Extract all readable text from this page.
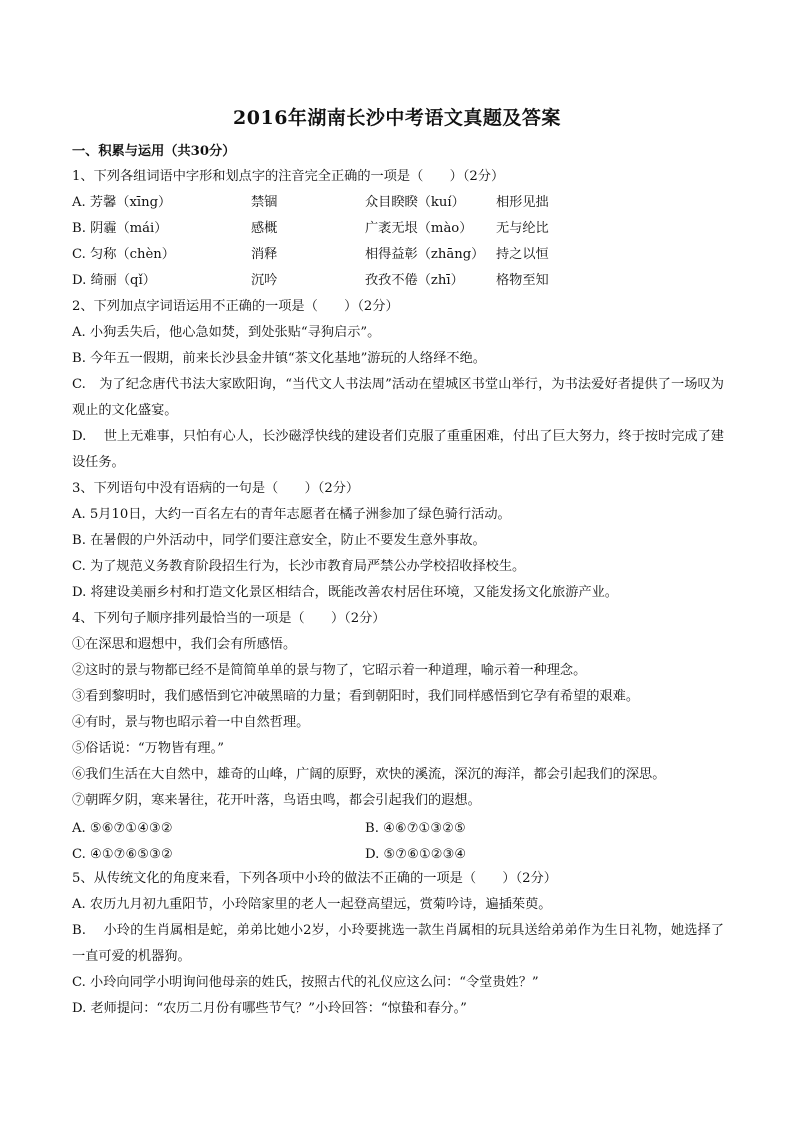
2016年湖南长沙中考语文真题及答案
一、积累与运用（共30分）
1、下列各组词语中字形和划点字的注音完全正确的一项是（　　）（2分）
A. 芳馨（xīng）	禁锢	众目睽睽（kuí） 相形见拙
B. 阴霾（mái）	感概	广袤无垠（mào） 无与纶比
C. 匀称（chèn）	消释	相得益彰（zhāng） 持之以恒
D. 绮丽（qǐ）	沉吟	孜孜不倦（zhī） 格物至知
2、下列加点字词语运用不正确的一项是（　　）（2分）
A. 小狗丢失后，他心急如焚，到处张贴“寻狗启示”。
B. 今年五一假期，前来长沙县金井镇“茶文化基地”游玩的人络绎不绝。
C.　为了纪念唐代书法大家欧阳询，“当代文人书法周”活动在望城区书堂山举行，为书法爱好者提供了一场叹为观止的文化盛宴。
D.　 世上无难事，只怕有心人，长沙磁浮快线的建设者们克服了重重困难，付出了巨大努力，终于按时完成了建设任务。
3、下列语句中没有语病的一句是（　　）（2分）
A. 5月10日，大约一百名左右的青年志愿者在橘子洲参加了绿色骑行活动。
B. 在暑假的户外活动中，同学们要注意安全，防止不要发生意外事故。
C. 为了规范义务教育阶段招生行为，长沙市教育局严禁公办学校招收择校生。
D. 将建设美丽乡村和打造文化景区相结合，既能改善农村居住环境，又能发扬文化旅游产业。
4、下列句子顺序排列最恰当的一项是（　　）（2分）
①在深思和遐想中，我们会有所感悟。
②这时的景与物都已经不是简简单单的景与物了，它昭示着一种道理，喻示着一种理念。
③看到黎明时，我们感悟到它冲破黑暗的力量；看到朝阳时，我们同样感悟到它孕有希望的艰难。
④有时，景与物也昭示着一中自然哲理。
⑤俗话说：“万物皆有理。”
⑥我们生活在大自然中，雄奇的山峰，广阔的原野，欢快的溪流，深沉的海洋，都会引起我们的深思。
⑦朝晖夕阴，寒来暑往，花开叶落，鸟语虫鸣，都会引起我们的遐想。
A. ⑤⑥⑦①④③②	B. ④⑥⑦①③②⑤
C. ④①⑦⑥⑤③②	D. ⑤⑦⑥①②③④
5、从传统文化的角度来看，下列各项中小玲的做法不正确的一项是（　　）（2分）
A. 农历九月初九重阳节，小玲陪家里的老人一起登高望远，赏菊吟诗，遍插茱萸。
B.　 小玲的生肖属相是蛇，弟弟比她小2岁，小玲要挑选一款生肖属相的玩具送给弟弟作为生日礼物，她选择了一直可爱的机器狗。
C. 小玲向同学小明询问他母亲的姓氏，按照古代的礼仪应这么问：“令堂贵姓？”
D. 老师提问：“农历二月份有哪些节气？”小玲回答：“惊蛰和春分。”
